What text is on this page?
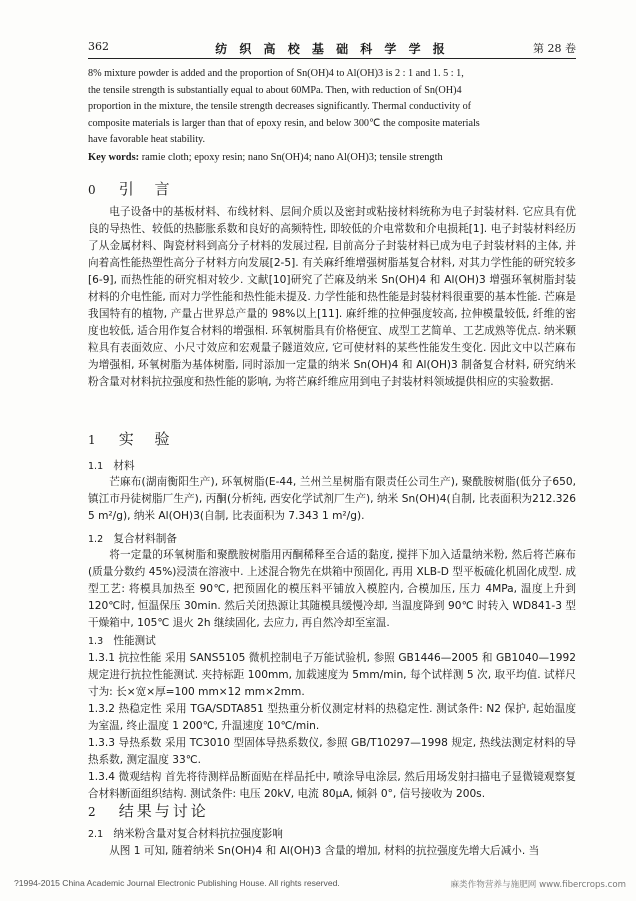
362	纺 织 高 校 基 础 科 学 学 报	第 28 卷

8% mixture powder is added and the proportion of Sn(OH)4 to Al(OH)3 is 2 : 1 and 1. 5 : 1,

the tensile strength is substantially equal to about 60MPa. Then, with reduction of Sn(OH)4

proportion in the mixture, the tensile strength decreases significantly. Thermal conductivity of

composite materials is larger than that of epoxy resin, and below 300℃ the composite materials

have favorable heat stability.

Key words: ramie cloth; epoxy resin; nano Sn(OH)4; nano Al(OH)3; tensile strength
0 引 言

电子设备中的基板材料、布线材料、层间介质以及密封或粘接材料统称为电子封装材料. 它应具有优良的导热性、较低的热膨胀系数和良好的高频特性, 即较低的介电常数和介电损耗[1]. 电子封装材料经历了从金属材料、陶瓷材料到高分子材料的发展过程, 目前高分子封装材料已成为电子封装材料的主体, 并向着高性能热塑性高分子材料方向发展[2-5]. 有关麻纤维增强树脂基复合材料, 对其力学性能的研究较多[6-9], 而热性能的研究相对较少. 文献[10]研究了芒麻及纳米 Sn(OH)4 和 Al(OH)3 增强环氧树脂封装材料的介电性能, 而对力学性能和热性能未提及. 力学性能和热性能是封装材料很重要的基本性能. 芒麻是我国特有的植物, 产量占世界总产量的 98%以上[11]. 麻纤维的拉伸强度较高, 拉伸模量较低, 纤维的密度也较低, 适合用作复合材料的增强相. 环氧树脂具有价格便宜、成型工艺简单、工艺成熟等优点. 纳米颗粒具有表面效应、小尺寸效应和宏观量子隧道效应, 它可使材料的某些性能发生变化. 因此文中以芒麻布为增强相, 环氧树脂为基体树脂, 同时添加一定量的纳米 Sn(OH)4 和 Al(OH)3 制备复合材料, 研究纳米粉含量对材料抗拉强度和热性能的影响, 为将芒麻纤维应用到电子封装材料领域提供相应的实验数据.

1 实 验
1.1 材料

芒麻布(湖南衡阳生产), 环氧树脂(E-44, 兰州兰星树脂有限责任公司生产), 聚酰胺树脂(低分子650, 镇江市丹徒树脂厂生产), 丙酮(分析纯, 西安化学试剂厂生产), 纳米 Sn(OH)4(自制, 比表面积为212.326 5 m²/g), 纳米 Al(OH)3(自制, 比表面积为 7.343 1 m²/g).

1.2 复合材料制备

将一定量的环氧树脂和聚酰胺树脂用丙酮稀释至合适的黏度, 搅拌下加入适量纳米粉, 然后将芒麻布(质量分数约 45%)浸渍在溶液中. 上述混合物先在烘箱中预固化, 再用 XLB-D 型平板硫化机固化成型. 成型工艺: 将模具加热至 90℃, 把预固化的模压料平铺放入模腔内, 合模加压, 压力 4MPa, 温度上升到120℃时, 恒温保压 30min. 然后关闭热源让其随模具缓慢冷却, 当温度降到 90℃ 时转入 WD841-3 型干燥箱中, 105℃ 退火 2h 继续固化, 去应力, 再自然冷却至室温.

1.3 性能测试

1.3.1 抗拉性能 采用 SANS5105 微机控制电子万能试验机, 参照 GB1446—2005 和 GB1040—1992 规定进行抗拉性能测试. 夹持标距 100mm, 加载速度为 5mm/min, 每个试样测 5 次, 取平均值. 试样尺寸为: 长×宽×厚=100 mm×12 mm×2mm.

1.3.2 热稳定性 采用 TGA/SDTA851 型热重分析仪测定材料的热稳定性. 测试条件: N2 保护, 起始温度为室温, 终止温度 1 200℃, 升温速度 10℃/min.

1.3.3 导热系数 采用 TC3010 型固体导热系数仪, 参照 GB/T10297—1998 规定, 热线法测定材料的导热系数, 测定温度 33℃.

1.3.4 微观结构 首先将待测样品断面贴在样品托中, 喷涂导电涂层, 然后用场发射扫描电子显微镜观察复合材料断面组织结构. 测试条件: 电压 20kV, 电流 80μA, 倾斜 0°, 信号接收为 200s.

2 结果与讨论
2.1 纳米粉含量对复合材料抗拉强度影响

从图 1 可知, 随着纳米 Sn(OH)4 和 Al(OH)3 含量的增加, 材料的抗拉强度先增大后减小. 当

?1994-2015 China Academic Journal Electronic Publishing House. All rights reserved.	麻类作物营养与施肥网 www.fibercrops.com
